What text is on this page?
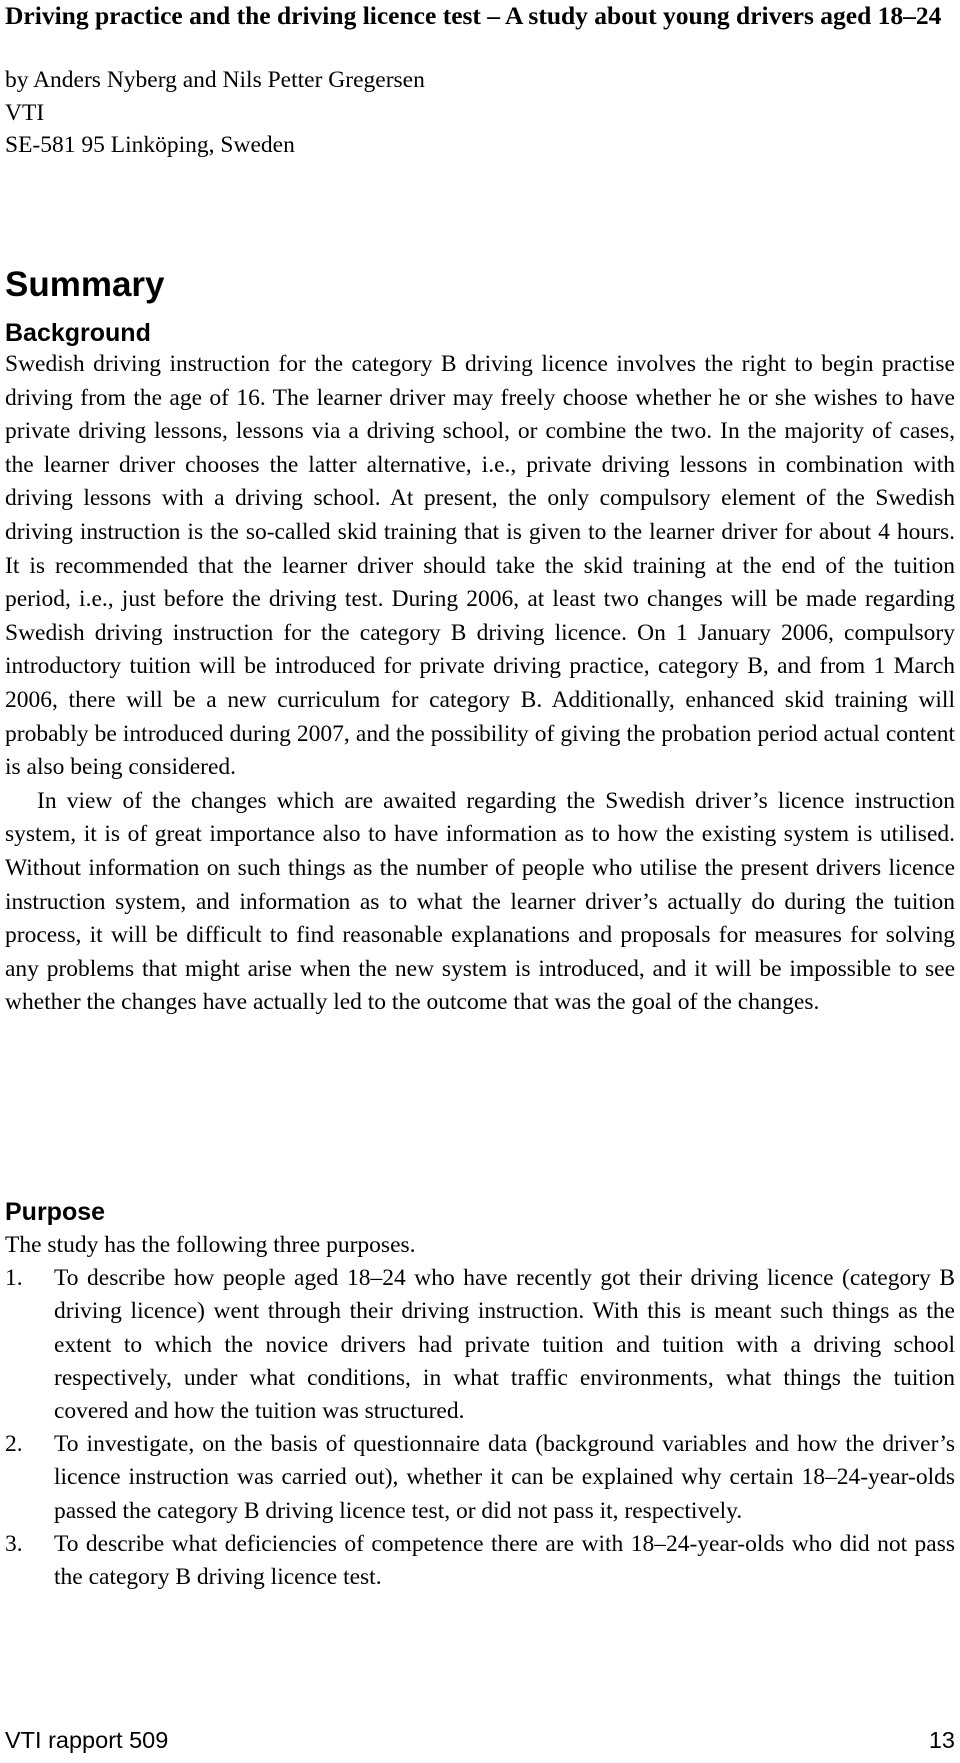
Driving practice and the driving licence test – A study about young drivers aged 18–24
by Anders Nyberg and Nils Petter Gregersen
VTI
SE-581 95 Linköping, Sweden
Summary
Background

Swedish driving instruction for the category B driving licence involves the right to begin practise driving from the age of 16. The learner driver may freely choose whether he or she wishes to have private driving lessons, lessons via a driving school, or combine the two. In the majority of cases, the learner driver chooses the latter alternative, i.e., private driving lessons in combination with driving lessons with a driving school. At present, the only compulsory element of the Swedish driving instruction is the so-called skid training that is given to the learner driver for about 4 hours. It is recommended that the learner driver should take the skid training at the end of the tuition period, i.e., just before the driving test. During 2006, at least two changes will be made regarding Swedish driving instruction for the category B driving licence. On 1 January 2006, compulsory introductory tuition will be introduced for private driving practice, category B, and from 1 March 2006, there will be a new curriculum for category B. Additionally, enhanced skid training will probably be introduced during 2007, and the possibility of giving the probation period actual content is also being considered.

In view of the changes which are awaited regarding the Swedish driver’s licence instruction system, it is of great importance also to have information as to how the existing system is utilised. Without information on such things as the number of people who utilise the present drivers licence instruction system, and information as to what the learner driver’s actually do during the tuition process, it will be difficult to find reasonable explanations and proposals for measures for solving any problems that might arise when the new system is introduced, and it will be impossible to see whether the changes have actually led to the outcome that was the goal of the changes.

Purpose

The study has the following three purposes.

1.	To describe how people aged 18–24 who have recently got their driving licence (category B driving licence) went through their driving instruction. With this is meant such things as the extent to which the novice drivers had private tuition and tuition with a driving school respectively, under what conditions, in what traffic environments, what things the tuition covered and how the tuition was structured.
2.	To investigate, on the basis of questionnaire data (background variables and how the driver’s licence instruction was carried out), whether it can be explained why certain 18–24-year-olds passed the category B driving licence test, or did not pass it, respectively.
3.	To describe what deficiencies of competence there are with 18–24-year-olds who did not pass the category B driving licence test.
VTI rapport 509	13
